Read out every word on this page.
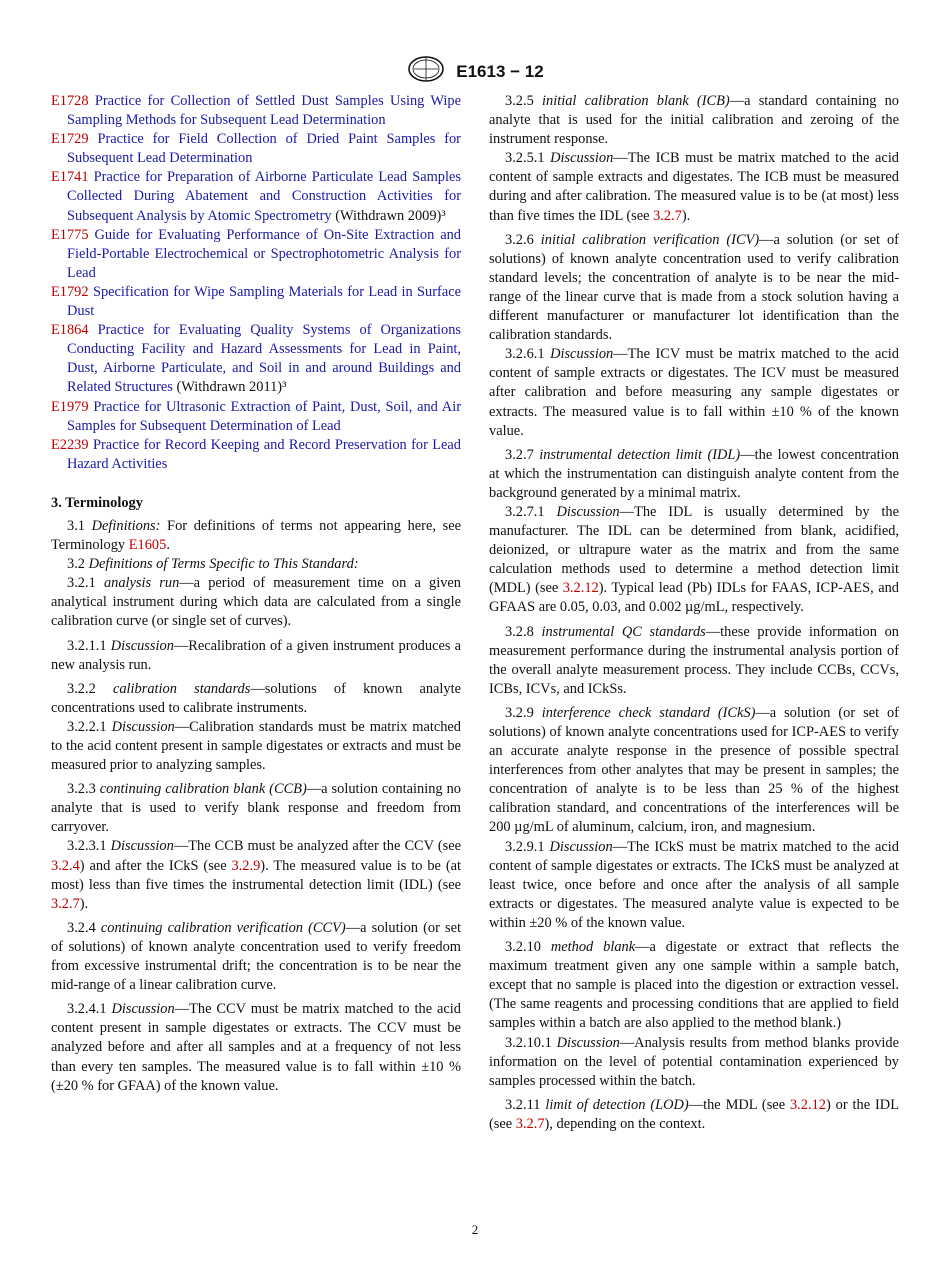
E1613 − 12

E1728 Practice for Collection of Settled Dust Samples Using Wipe Sampling Methods for Subsequent Lead Determination

E1729 Practice for Field Collection of Dried Paint Samples for Subsequent Lead Determination

E1741 Practice for Preparation of Airborne Particulate Lead Samples Collected During Abatement and Construction Activities for Subsequent Analysis by Atomic Spectrometry (Withdrawn 2009)³

E1775 Guide for Evaluating Performance of On-Site Extraction and Field-Portable Electrochemical or Spectrophotometric Analysis for Lead

E1792 Specification for Wipe Sampling Materials for Lead in Surface Dust

E1864 Practice for Evaluating Quality Systems of Organizations Conducting Facility and Hazard Assessments for Lead in Paint, Dust, Airborne Particulate, and Soil in and around Buildings and Related Structures (Withdrawn 2011)³

E1979 Practice for Ultrasonic Extraction of Paint, Dust, Soil, and Air Samples for Subsequent Determination of Lead

E2239 Practice for Record Keeping and Record Preservation for Lead Hazard Activities

3. Terminology

3.1 Definitions: For definitions of terms not appearing here, see Terminology E1605.

3.2 Definitions of Terms Specific to This Standard:

3.2.1 analysis run—a period of measurement time on a given analytical instrument during which data are calculated from a single calibration curve (or single set of curves).

3.2.1.1 Discussion—Recalibration of a given instrument produces a new analysis run.

3.2.2 calibration standards—solutions of known analyte concentrations used to calibrate instruments.

3.2.2.1 Discussion—Calibration standards must be matrix matched to the acid content present in sample digestates or extracts and must be measured prior to analyzing samples.

3.2.3 continuing calibration blank (CCB)—a solution containing no analyte that is used to verify blank response and freedom from carryover.

3.2.3.1 Discussion—The CCB must be analyzed after the CCV (see 3.2.4) and after the ICkS (see 3.2.9). The measured value is to be (at most) less than five times the instrumental detection limit (IDL) (see 3.2.7).

3.2.4 continuing calibration verification (CCV)—a solution (or set of solutions) of known analyte concentration used to verify freedom from excessive instrumental drift; the concentration is to be near the mid-range of a linear calibration curve.

3.2.4.1 Discussion—The CCV must be matrix matched to the acid content present in sample digestates or extracts. The CCV must be analyzed before and after all samples and at a frequency of not less than every ten samples. The measured value is to fall within ±10 % (±20 % for GFAA) of the known value.

3.2.5 initial calibration blank (ICB)—a standard containing no analyte that is used for the initial calibration and zeroing of the instrument response.

3.2.5.1 Discussion—The ICB must be matrix matched to the acid content of sample extracts and digestates. The ICB must be measured during and after calibration. The measured value is to be (at most) less than five times the IDL (see 3.2.7).

3.2.6 initial calibration verification (ICV)—a solution (or set of solutions) of known analyte concentration used to verify calibration standard levels; the concentration of analyte is to be near the mid-range of the linear curve that is made from a stock solution having a different manufacturer or manufacturer lot identification than the calibration standards.

3.2.6.1 Discussion—The ICV must be matrix matched to the acid content of sample extracts or digestates. The ICV must be measured after calibration and before measuring any sample digestates or extracts. The measured value is to fall within ±10 % of the known value.

3.2.7 instrumental detection limit (IDL)—the lowest concentration at which the instrumentation can distinguish analyte content from the background generated by a minimal matrix.

3.2.7.1 Discussion—The IDL is usually determined by the manufacturer. The IDL can be determined from blank, acidified, deionized, or ultrapure water as the matrix and from the same calculation methods used to determine a method detection limit (MDL) (see 3.2.12). Typical lead (Pb) IDLs for FAAS, ICP-AES, and GFAAS are 0.05, 0.03, and 0.002 µg/mL, respectively.

3.2.8 instrumental QC standards—these provide information on measurement performance during the instrumental analysis portion of the overall analyte measurement process. They include CCBs, CCVs, ICBs, ICVs, and ICkSs.

3.2.9 interference check standard (ICkS)—a solution (or set of solutions) of known analyte concentrations used for ICP-AES to verify an accurate analyte response in the presence of possible spectral interferences from other analytes that may be present in samples; the concentration of analyte is to be less than 25 % of the highest calibration standard, and concentrations of the interferences will be 200 µg/mL of aluminum, calcium, iron, and magnesium.

3.2.9.1 Discussion—The ICkS must be matrix matched to the acid content of sample digestates or extracts. The ICkS must be analyzed at least twice, once before and once after the analysis of all sample extracts or digestates. The measured analyte value is expected to be within ±20 % of the known value.

3.2.10 method blank—a digestate or extract that reflects the maximum treatment given any one sample within a sample batch, except that no sample is placed into the digestion or extraction vessel. (The same reagents and processing conditions that are applied to field samples within a batch are also applied to the method blank.)

3.2.10.1 Discussion—Analysis results from method blanks provide information on the level of potential contamination experienced by samples processed within the batch.

3.2.11 limit of detection (LOD)—the MDL (see 3.2.12) or the IDL (see 3.2.7), depending on the context.

2
